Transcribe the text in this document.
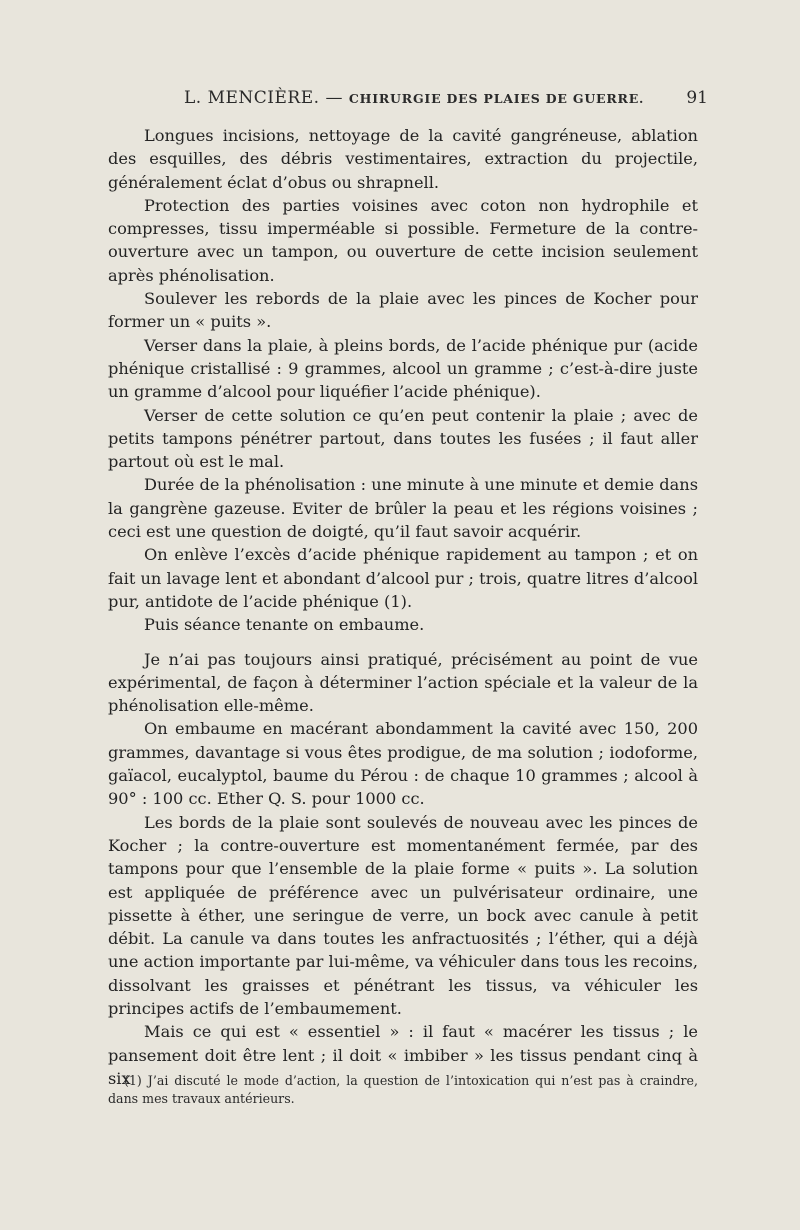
L. MENCIÈRE. — CHIRURGIE DES PLAIES DE GUERRE. 91

Longues incisions, nettoyage de la cavité gangréneuse, ablation des esquilles, des débris vestimentaires, extraction du projectile, généralement éclat d’obus ou shrapnell.

Protection des parties voisines avec coton non hydrophile et compresses, tissu imperméable si possible. Fermeture de la contre-ouverture avec un tampon, ou ouverture de cette incision seulement après phénolisation.

Soulever les rebords de la plaie avec les pinces de Kocher pour former un « puits ».

Verser dans la plaie, à pleins bords, de l’acide phénique pur (acide phénique cristallisé : 9 grammes, alcool un gramme ; c’est-à-dire juste un gramme d’alcool pour liquéfier l’acide phénique).

Verser de cette solution ce qu’en peut contenir la plaie ; avec de petits tampons pénétrer partout, dans toutes les fusées ; il faut aller partout où est le mal.

Durée de la phénolisation : une minute à une minute et demie dans la gangrène gazeuse. Eviter de brûler la peau et les régions voisines ; ceci est une question de doigté, qu’il faut savoir acquérir.

On enlève l’excès d’acide phénique rapidement au tampon ; et on fait un lavage lent et abondant d’alcool pur ; trois, quatre litres d’alcool pur, antidote de l’acide phénique (1).

Puis séance tenante on embaume.

Je n’ai pas toujours ainsi pratiqué, précisément au point de vue expérimental, de façon à déterminer l’action spéciale et la valeur de la phénolisation elle-même.

On embaume en macérant abondamment la cavité avec 150, 200 grammes, davantage si vous êtes prodigue, de ma solution ; iodoforme, gaïacol, eucalyptol, baume du Pérou : de chaque 10 grammes ; alcool à 90° : 100 cc. Ether Q. S. pour 1000 cc.

Les bords de la plaie sont soulevés de nouveau avec les pinces de Kocher ; la contre-ouverture est momentanément fermée, par des tampons pour que l’ensemble de la plaie forme « puits ». La solution est appliquée de préférence avec un pulvérisateur ordinaire, une pissette à éther, une seringue de verre, un bock avec canule à petit débit. La canule va dans toutes les anfractuosités ; l’éther, qui a déjà une action importante par lui-même, va véhiculer dans tous les recoins, dissolvant les graisses et pénétrant les tissus, va véhiculer les principes actifs de l’embaumement.

Mais ce qui est « essentiel » : il faut « macérer les tissus ; le pansement doit être lent ; il doit « imbiber » les tissus pendant cinq à six

(1) J’ai discuté le mode d’action, la question de l’intoxication qui n’est pas à craindre, dans mes travaux antérieurs.
